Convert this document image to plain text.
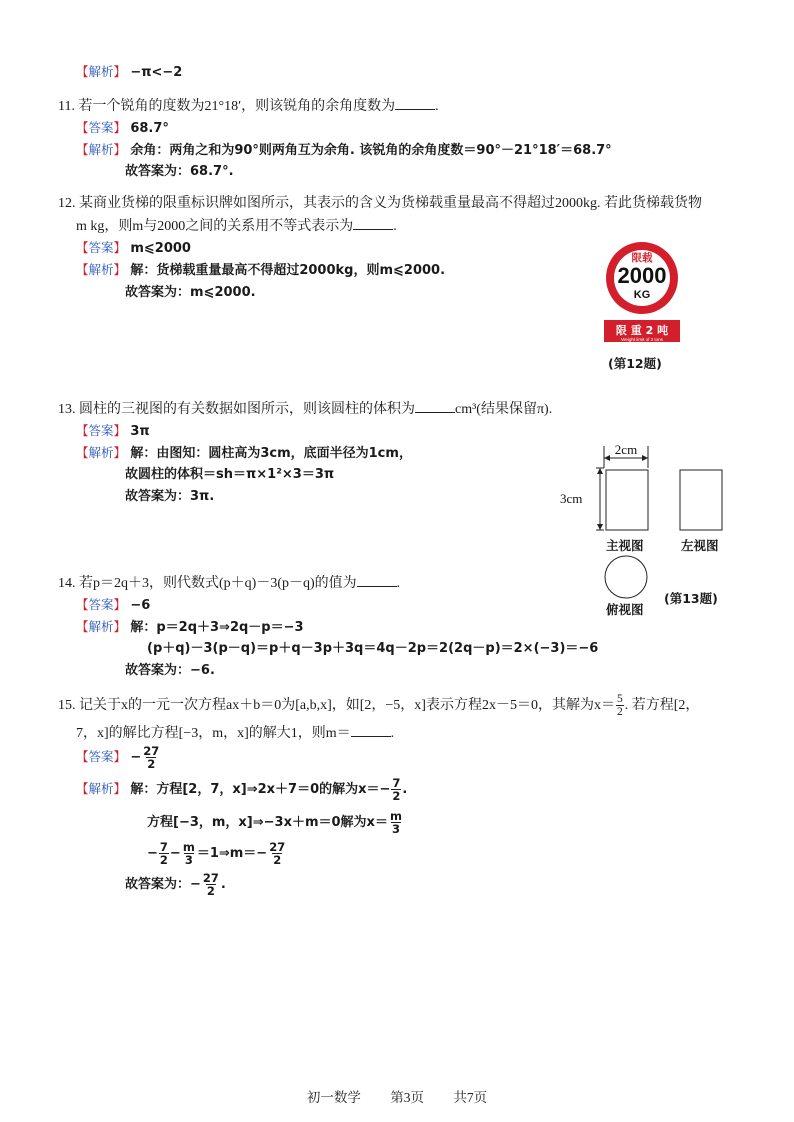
【解析】 −π<−2
11. 若一个锐角的度数为21°18′，则该锐角的余角度数为	.
【答案】 68.7°
【解析】 余角：两角之和为90°则两角互为余角. 该锐角的余角度数＝90°－21°18′＝68.7°
故答案为：68.7°.
12. 某商业货梯的限重标识牌如图所示，其表示的含义为货梯载重量最高不得超过2000kg. 若此货梯载货物
m kg，则m与2000之间的关系用不等式表示为	.
【答案】 m⩽2000
【解析】 解：货梯载重量最高不得超过2000kg，则m⩽2000.
故答案为：m⩽2000.
限载
2000
KG
限 重 2 吨
Weight limit of 2 tons
(第12题)
13. 圆柱的三视图的有关数据如图所示，则该圆柱的体积为	cm³(结果保留π).
【答案】 3π
【解析】 解：由图知：圆柱高为3cm，底面半径为1cm，
故圆柱的体积＝sh＝π×1²×3＝3π
故答案为：3π.
2cm
3cm
主视图	左视图
俯视图
(第13题)
14. 若p＝2q＋3，则代数式(p＋q)－3(p－q)的值为	.
【答案】 −6
【解析】 解：p＝2q＋3⇒2q－p＝−3
(p＋q)－3(p－q)＝p＋q－3p＋3q＝4q－2p＝2(2q－p)＝2×(−3)＝−6
故答案为：−6.
15. 记关于x的一元一次方程ax＋b＝0为[a,b,x]，如[2，−5，x]表示方程2x－5＝0，其解为$x= \frac{5}{2}$ . 若方程[2，
7，x]的解比方程[−3，m，x]的解大1，则m＝	.
【答案】 − $\frac{27}{2}$
【解析】 解：方程[2，7，x]⇒2x＋7＝0的解为$x=- \frac{7}{2}$ .
方程[−3，m，x]⇒−3x＋m＝0解为$x= \frac{m}{3}$
− $\frac{7}{2} - \frac{m}{3}$ ＝1⇒m＝− $\frac{27}{2}$
故答案为：− $\frac{27}{2}$ .
初一数学 第3页 共7页
